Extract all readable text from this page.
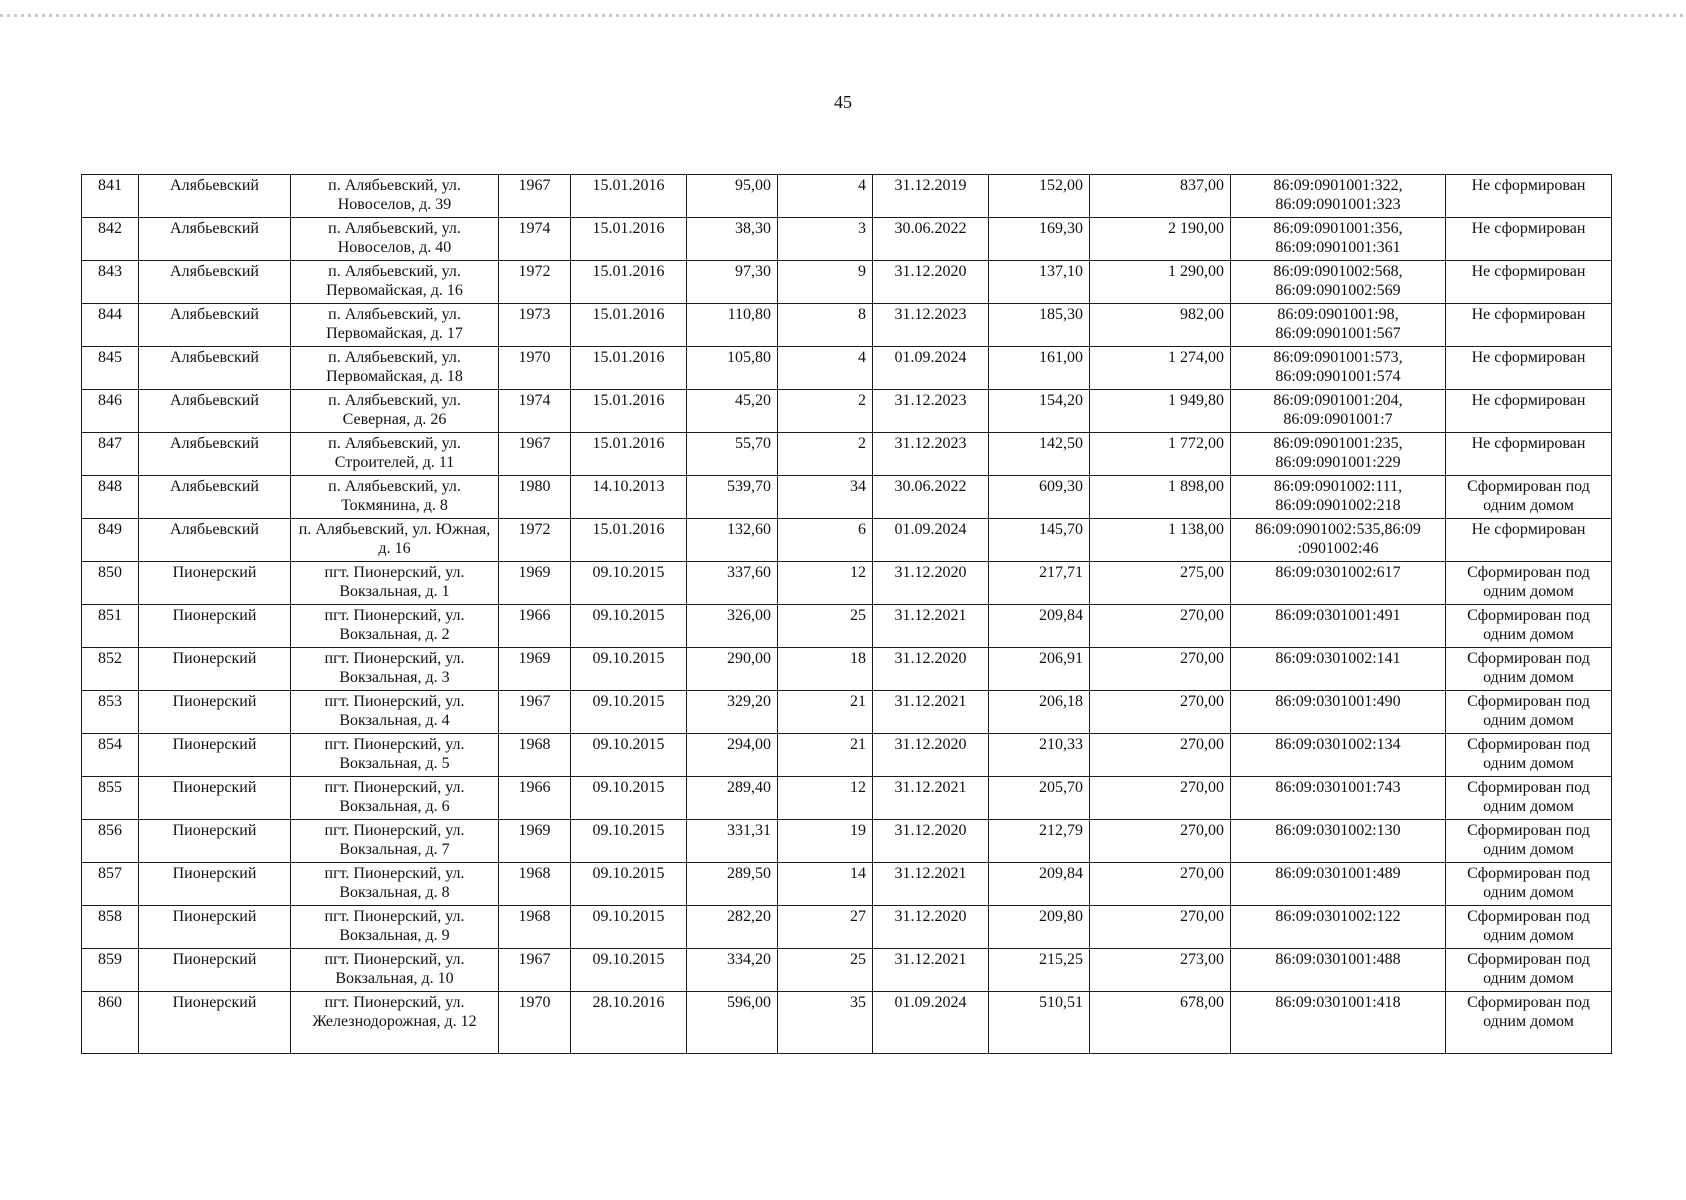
45
841	Алябьевский	п. Алябьевский, ул. Новоселов, д. 39	1967	15.01.2016	95,00	4	31.12.2019	152,00	837,00	86:09:0901001:322, 86:09:0901001:323	Не сформирован
842	Алябьевский	п. Алябьевский, ул. Новоселов, д. 40	1974	15.01.2016	38,30	3	30.06.2022	169,30	2 190,00	86:09:0901001:356, 86:09:0901001:361	Не сформирован
843	Алябьевский	п. Алябьевский, ул. Первомайская, д. 16	1972	15.01.2016	97,30	9	31.12.2020	137,10	1 290,00	86:09:0901002:568, 86:09:0901002:569	Не сформирован
844	Алябьевский	п. Алябьевский, ул. Первомайская, д. 17	1973	15.01.2016	110,80	8	31.12.2023	185,30	982,00	86:09:0901001:98, 86:09:0901001:567	Не сформирован
845	Алябьевский	п. Алябьевский, ул. Первомайская, д. 18	1970	15.01.2016	105,80	4	01.09.2024	161,00	1 274,00	86:09:0901001:573, 86:09:0901001:574	Не сформирован
846	Алябьевский	п. Алябьевский, ул. Северная, д. 26	1974	15.01.2016	45,20	2	31.12.2023	154,20	1 949,80	86:09:0901001:204, 86:09:0901001:7	Не сформирован
847	Алябьевский	п. Алябьевский, ул. Строителей, д. 11	1967	15.01.2016	55,70	2	31.12.2023	142,50	1 772,00	86:09:0901001:235, 86:09:0901001:229	Не сформирован
848	Алябьевский	п. Алябьевский, ул. Токмянина, д. 8	1980	14.10.2013	539,70	34	30.06.2022	609,30	1 898,00	86:09:0901002:111, 86:09:0901002:218	Сформирован под одним домом
849	Алябьевский	п. Алябьевский, ул. Южная, д. 16	1972	15.01.2016	132,60	6	01.09.2024	145,70	1 138,00	86:09:0901002:535,86:09 :0901002:46	Не сформирован
850	Пионерский	пгт. Пионерский, ул. Вокзальная, д. 1	1969	09.10.2015	337,60	12	31.12.2020	217,71	275,00	86:09:0301002:617	Сформирован под одним домом
851	Пионерский	пгт. Пионерский, ул. Вокзальная, д. 2	1966	09.10.2015	326,00	25	31.12.2021	209,84	270,00	86:09:0301001:491	Сформирован под одним домом
852	Пионерский	пгт. Пионерский, ул. Вокзальная, д. 3	1969	09.10.2015	290,00	18	31.12.2020	206,91	270,00	86:09:0301002:141	Сформирован под одним домом
853	Пионерский	пгт. Пионерский, ул. Вокзальная, д. 4	1967	09.10.2015	329,20	21	31.12.2021	206,18	270,00	86:09:0301001:490	Сформирован под одним домом
854	Пионерский	пгт. Пионерский, ул. Вокзальная, д. 5	1968	09.10.2015	294,00	21	31.12.2020	210,33	270,00	86:09:0301002:134	Сформирован под одним домом
855	Пионерский	пгт. Пионерский, ул. Вокзальная, д. 6	1966	09.10.2015	289,40	12	31.12.2021	205,70	270,00	86:09:0301001:743	Сформирован под одним домом
856	Пионерский	пгт. Пионерский, ул. Вокзальная, д. 7	1969	09.10.2015	331,31	19	31.12.2020	212,79	270,00	86:09:0301002:130	Сформирован под одним домом
857	Пионерский	пгт. Пионерский, ул. Вокзальная, д. 8	1968	09.10.2015	289,50	14	31.12.2021	209,84	270,00	86:09:0301001:489	Сформирован под одним домом
858	Пионерский	пгт. Пионерский, ул. Вокзальная, д. 9	1968	09.10.2015	282,20	27	31.12.2020	209,80	270,00	86:09:0301002:122	Сформирован под одним домом
859	Пионерский	пгт. Пионерский, ул. Вокзальная, д. 10	1967	09.10.2015	334,20	25	31.12.2021	215,25	273,00	86:09:0301001:488	Сформирован под одним домом
860	Пионерский	пгт. Пионерский, ул. Железнодорожная, д. 12	1970	28.10.2016	596,00	35	01.09.2024	510,51	678,00	86:09:0301001:418	Сформирован под одним домом
